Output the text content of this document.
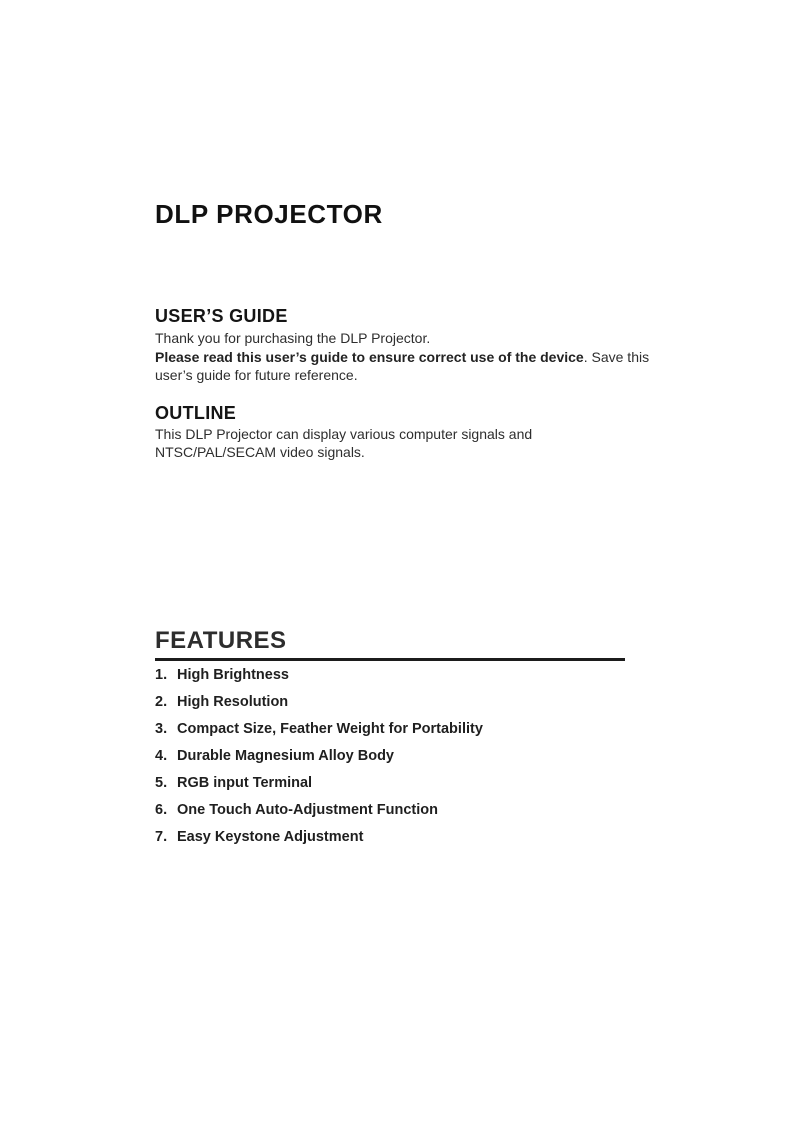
DLP PROJECTOR
USER’S GUIDE

Thank you for purchasing the DLP Projector.

Please read this user’s guide to ensure correct use of the device. Save this user’s guide for future reference.

OUTLINE

This DLP Projector can display various computer signals and NTSC/PAL/SECAM video signals.

FEATURES
1. High Brightness
2. High Resolution
3. Compact Size, Feather Weight for Portability
4. Durable Magnesium Alloy Body
5. RGB input Terminal
6. One Touch Auto-Adjustment Function
7. Easy Keystone Adjustment
